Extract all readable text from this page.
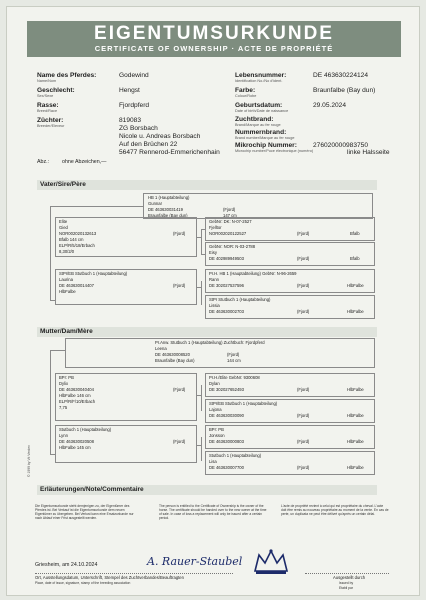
EIGENTUMSURKUNDE
CERTIFICATE OF OWNERSHIP · ACTE DE PROPRIÉTÉ
Name des Pferdes:
Name/Nom
Godewind
Geschlecht:
Sex/Sexe
Hengst
Rasse:
Breed/Race
Fjordpferd
Züchter:
Breeder/Eleveur
819083
ZG Borsbach
Nicole u. Andreas Borsbach
Auf den Brüchen 22
56477 Rennerod-Emmerichenhain
Lebensnummer:
Identification No./No d'ident.
DE 463630224124
Farbe:
Colour/Robe
Braunfalbe (Bay dun)
Geburtsdatum:
Date of birth/Date de naissance
29.05.2024
Zuchtbrand:
Brand/Marque au fer rouge
Nummernbrand:
Brand number/Marque au fer rouge
Mikrochip Nummer: 276020000983750
Microchip number/Puce électronique (numéro)	linke Halsseite
Abz.: ohne Abzeichen,—
Vater/Sire/Père
HB 1 (Hauptabteilung)
Gunnar
DE 463630031419	(Fjord)
Braunfalbe (Bay dun)	147 cm
Elite
Gied
NOR002020132613	(Fjord)
Bfalb 144 cm
ELP/R/5/18/Erbach
8,30/2/0
GebNr: DK: N-07-2527
Fjelltor
NOR002020122527	(Fjord)	Bfalb
GebNr: NOR: N-03-2788
Eisy
DE 402989949503	(Fjord)	Bfalb
StPr/EB Stutbuch 1 (Hauptabteilung)
Laurina
DE 463630014407	(Fjord)
HlbFalbe
Pr.H. HB 1 (Hauptabteilung) GebNr: N-96-2659
Rann
DE 302027537596	(Fjord)	HlbFalbe
StPr Stutbuch 1 (Hauptabteilung)
Lissia
DE 463630002703	(Fjord)	HlbFalbe
Mutter/Dam/Mère
Pr.Anw. Stutbuch 1 (Hauptabteilung) Zuchtbuch: Fjordpferd
Leena
DE 463630008520	(Fjord)
Braunfalbe (Bay dun)	144 cm
BPr: PB
Dylix
DE 463630040404	(Fjord)
HlbFalbe 146 cm
ELP/R/F/10/Erbach
7,75
Pr.H./Elite GebNr: 9300608
Dylan
DE 302027652493	(Fjord)	HlbFalbe
StPr/EB Stutbuch 1 (Hauptabteilung)
Lajona
DE 463630030090	(Fjord)	HlbFalbe
Stutbuch 1 (Hauptabteilung)
Lynn
DE 463630020508	(Fjord)
HlbFalbe 145 cm
BPr: PB
Jonsson
DE 463630000803	(Fjord)	HlbFalbe
Stutbuch 1 (Hauptabteilung)
Lisa
DE 463630007700	(Fjord)	HlbFalbe
© 1999 by Vit Verden
Erläuterungen/Note/Commentaire
Die Eigentumsurkunde steht demjenigen zu, der Eigentümer des Pferdes ist. Bei Verkauf ist die Eigentumsurkunde dem neuen Eigentümer zu übergeben. Bei Verlust kann eine Ersatzurkunde nur nach Ablauf einer Frist ausgestellt werden.
The person is entitled to the Certificate of Ownership is the owner of the horse. The certificate should be handed over to the new owner at the time of sale. In case of loss a replacement will only be issued after a certain period.
L'acte de propriété revient à celui qui est propriétaire du cheval. L'acte doit être remis au nouveau propriétaire au moment de la vente. En cas de perte, un duplicata ne peut être délivré qu'après un certain délai.
Griesheim, am 24.10.2024	A. Rauer-Staubel
Ort, Ausstellungsdatum, Unterschrift, Stempel des Zuchtverbandes/Beauftragten
Place, date of issue, signature, stamp of the breeding association
Ausgestellt durch
Issued by
Etabli par
